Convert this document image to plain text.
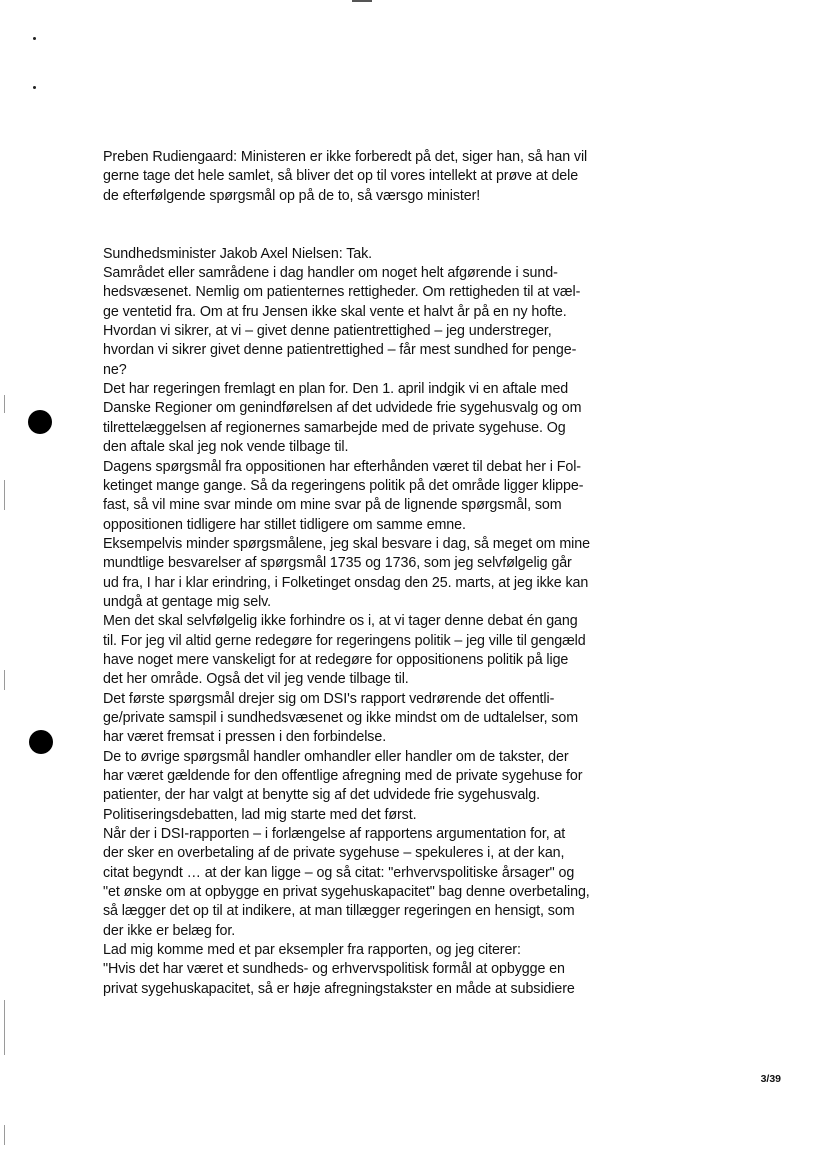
Preben Rudiengaard: Ministeren er ikke forberedt på det, siger han, så han vil
gerne tage det hele samlet, så bliver det op til vores intellekt at prøve at dele
de efterfølgende spørgsmål op på de to, så værsgo minister!
Sundhedsminister Jakob Axel Nielsen: Tak.
Samrådet eller samrådene i dag handler om noget helt afgørende i sund-
hedsvæsenet. Nemlig om patienternes rettigheder. Om rettigheden til at væl-
ge ventetid fra. Om at fru Jensen ikke skal vente et halvt år på en ny hofte.
Hvordan vi sikrer, at vi – givet denne patientrettighed – jeg understreger,
hvordan vi sikrer givet denne patientrettighed – får mest sundhed for penge-
ne?
Det har regeringen fremlagt en plan for. Den 1. april indgik vi en aftale med
Danske Regioner om genindførelsen af det udvidede frie sygehusvalg og om
tilrettelæggelsen af regionernes samarbejde med de private sygehuse. Og
den aftale skal jeg nok vende tilbage til.
Dagens spørgsmål fra oppositionen har efterhånden været til debat her i Fol-
ketinget mange gange. Så da regeringens politik på det område ligger klippe-
fast, så vil mine svar minde om mine svar på de lignende spørgsmål, som
oppositionen tidligere har stillet tidligere om samme emne.
Eksempelvis minder spørgsmålene, jeg skal besvare i dag, så meget om mine
mundtlige besvarelser af spørgsmål 1735 og 1736, som jeg selvfølgelig går
ud fra, I har i klar erindring, i Folketinget onsdag den 25. marts, at jeg ikke kan
undgå at gentage mig selv.
Men det skal selvfølgelig ikke forhindre os i, at vi tager denne debat én gang
til. For jeg vil altid gerne redegøre for regeringens politik – jeg ville til gengæld
have noget mere vanskeligt for at redegøre for oppositionens politik på lige
det her område. Også det vil jeg vende tilbage til.
Det første spørgsmål drejer sig om DSI's rapport vedrørende det offentli-
ge/private samspil i sundhedsvæsenet og ikke mindst om de udtalelser, som
har været fremsat i pressen i den forbindelse.
De to øvrige spørgsmål handler omhandler eller handler om de takster, der
har været gældende for den offentlige afregning med de private sygehuse for
patienter, der har valgt at benytte sig af det udvidede frie sygehusvalg.
Politiseringsdebatten, lad mig starte med det først.
Når der i DSI-rapporten – i forlængelse af rapportens argumentation for, at
der sker en overbetaling af de private sygehuse – spekuleres i, at der kan,
citat begyndt … at der kan ligge – og så citat: "erhvervspolitiske årsager" og
"et ønske om at opbygge en privat sygehuskapacitet" bag denne overbetaling,
så lægger det op til at indikere, at man tillægger regeringen en hensigt, som
der ikke er belæg for.
Lad mig komme med et par eksempler fra rapporten, og jeg citerer:
"Hvis det har været et sundheds- og erhvervspolitisk formål at opbygge en
privat sygehuskapacitet, så er høje afregningstakster en måde at subsidiere
3/39
